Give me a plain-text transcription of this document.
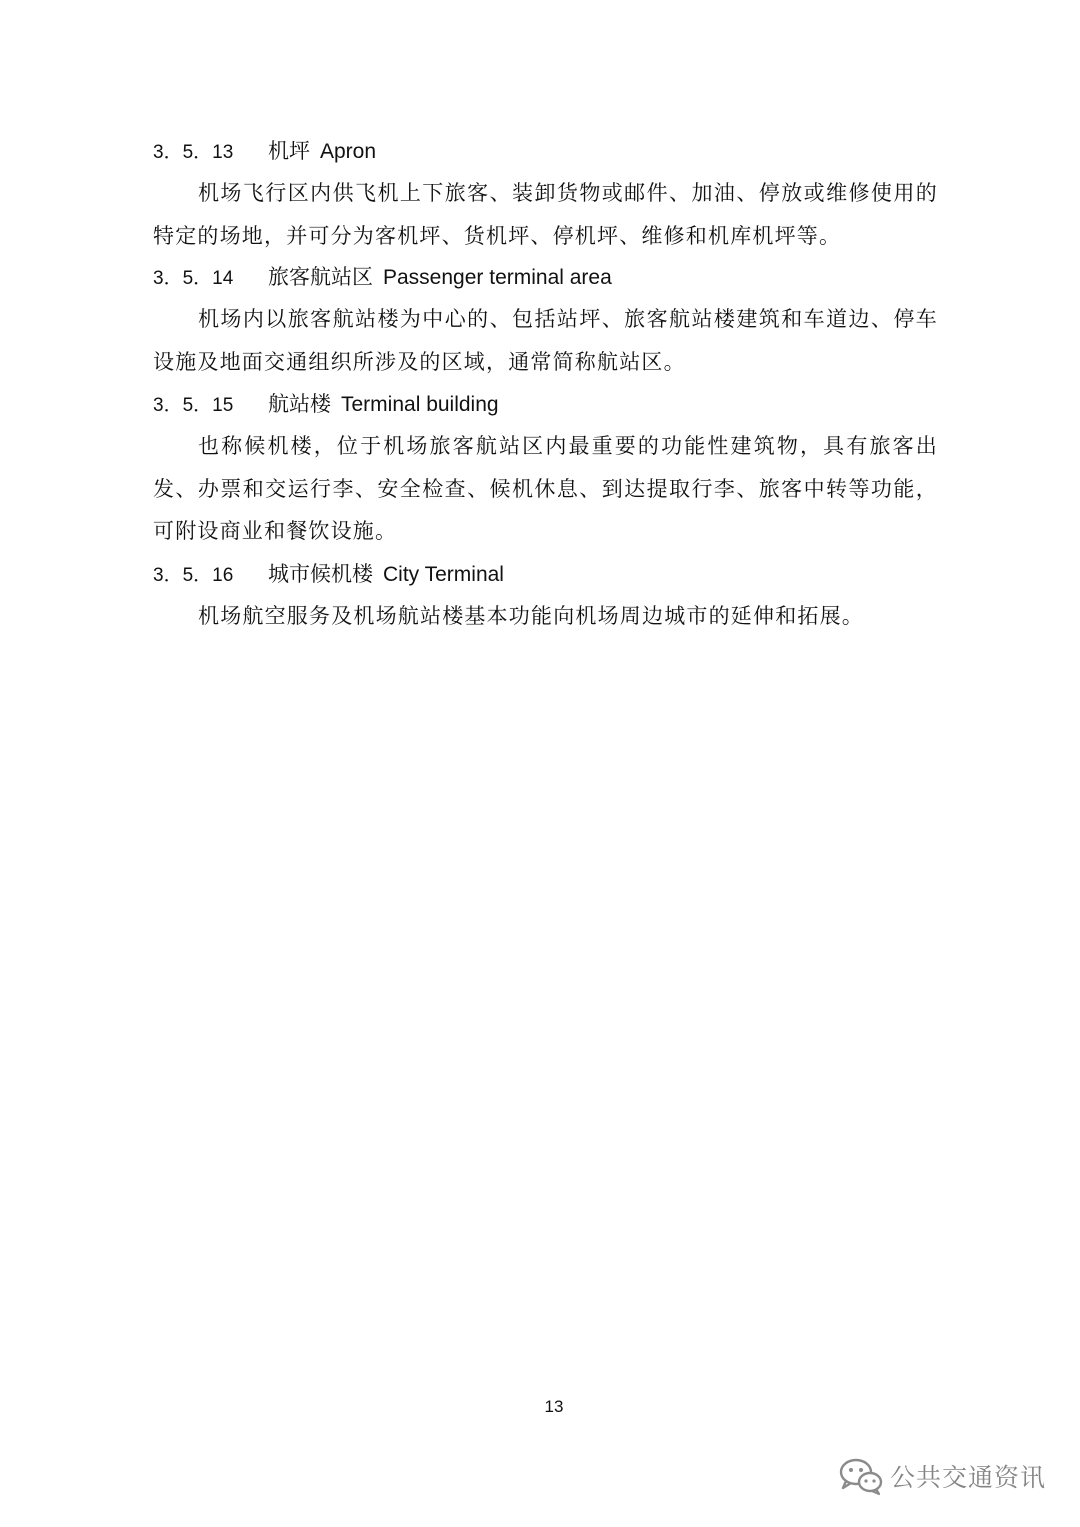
3．5．13 机坪 Apron

机场飞行区内供飞机上下旅客、装卸货物或邮件、加油、停放或维修使用的特定的场地，并可分为客机坪、货机坪、停机坪、维修和机库机坪等。

3．5．14 旅客航站区 Passenger terminal area

机场内以旅客航站楼为中心的、包括站坪、旅客航站楼建筑和车道边、停车设施及地面交通组织所涉及的区域，通常简称航站区。

3．5．15 航站楼 Terminal building

也称候机楼，位于机场旅客航站区内最重要的功能性建筑物，具有旅客出发、办票和交运行李、安全检查、候机休息、到达提取行李、旅客中转等功能，可附设商业和餐饮设施。

3．5．16 城市候机楼 City Terminal

机场航空服务及机场航站楼基本功能向机场周边城市的延伸和拓展。

13
公共交通资讯
